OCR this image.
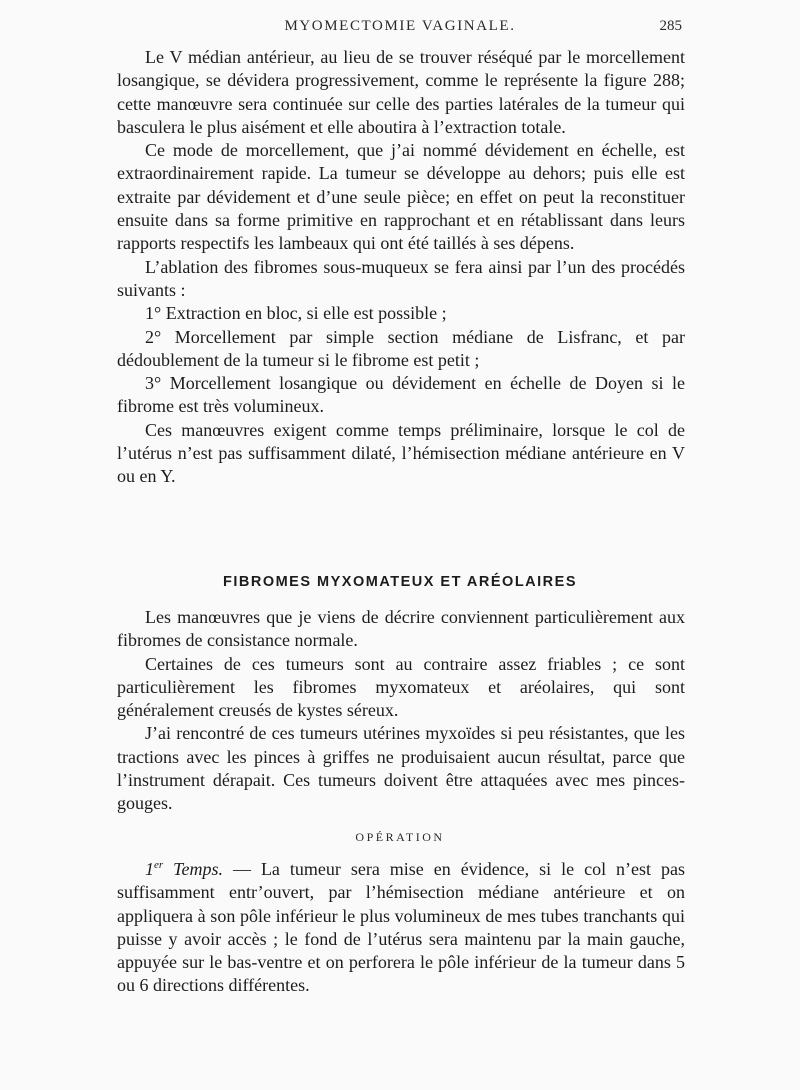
MYOMECTOMIE VAGINALE.	285

Le V médian antérieur, au lieu de se trouver réséqué par le morcellement losangique, se dévidera progressivement, comme le représente la figure 288; cette manœuvre sera continuée sur celle des parties latérales de la tumeur qui basculera le plus aisément et elle aboutira à l’extraction totale.

Ce mode de morcellement, que j’ai nommé dévidement en échelle, est extraordinairement rapide. La tumeur se développe au dehors; puis elle est extraite par dévidement et d’une seule pièce; en effet on peut la reconstituer ensuite dans sa forme primitive en rapprochant et en rétablissant dans leurs rapports respectifs les lambeaux qui ont été taillés à ses dépens.

L’ablation des fibromes sous-muqueux se fera ainsi par l’un des procédés suivants :

1° Extraction en bloc, si elle est possible ;

2° Morcellement par simple section médiane de Lisfranc, et par dédoublement de la tumeur si le fibrome est petit ;

3° Morcellement losangique ou dévidement en échelle de Doyen si le fibrome est très volumineux.

Ces manœuvres exigent comme temps préliminaire, lorsque le col de l’utérus n’est pas suffisamment dilaté, l’hémisection médiane antérieure en V ou en Y.

FIBROMES MYXOMATEUX ET ARÉOLAIRES

Les manœuvres que je viens de décrire conviennent particulièrement aux fibromes de consistance normale.

Certaines de ces tumeurs sont au contraire assez friables ; ce sont particulièrement les fibromes myxomateux et aréolaires, qui sont généralement creusés de kystes séreux.

J’ai rencontré de ces tumeurs utérines myxoïdes si peu résistantes, que les tractions avec les pinces à griffes ne produisaient aucun résultat, parce que l’instrument dérapait. Ces tumeurs doivent être attaquées avec mes pinces-gouges.

OPÉRATION

1er Temps. — La tumeur sera mise en évidence, si le col n’est pas suffisamment entr’ouvert, par l’hémisection médiane antérieure et on appliquera à son pôle inférieur le plus volumineux de mes tubes tranchants qui puisse y avoir accès ; le fond de l’utérus sera maintenu par la main gauche, appuyée sur le bas-ventre et on perforera le pôle inférieur de la tumeur dans 5 ou 6 directions différentes.
